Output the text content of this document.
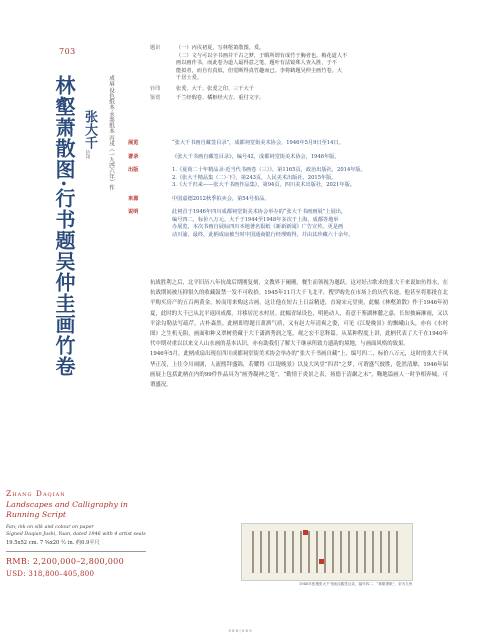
703
林壑萧散图·行书题吴仲圭画竹卷 张大千	成扇 设色纸本·水墨纸本 丙戌（一九四六年）作
钤印
题识	（一）丙戌初夏，写林壑萧散图。爰。
（二）文与可以字书画并千古之梦，于暇所谓有成竹于胸者也。梅花道人不
画以画作书，而此卷为道人最得意之笔，题叶有法镜殊人查入胜，于不
能拟者，而自有真似，但觉断得真竹趣而已。李将鹤题吴仲圭画竹卷。大
千居士爰。
钤印	张爰、大千、张爰之印、三千大千
鉴赏	千兰经瑕卷、橘枢经大吉、重付文字。
展览	“张大千书画自藏签目录”，成都祠堂街美术协会，1946年5月9日至14日。
著录	《张大千书画自藏签目录》，编号42，成都祠堂街美术协会，1946年版。
出版	1.《夏荷二十年精品录·近当代书画卷（三）》，第1165页，政治出版社，2014年版。
2.《张大千精品集（二）·下》，第243页，人民美术出版社，2015年版。
3.《大千归来——张大千书画作品集》，第94页，四川美术出版社，2021年版。
来源	中国嘉德2012秋季拍卖会，第54号拍品。
说明	此祠首于1946年四川成都祠堂街美术协会举办的“张大千书画画展”上展出，
编号四二，标价八万元。大千于1944至1948年多次于上海、成都等地举
办展览，本次书画自展标四川本地著名报纸《新新新闻》广告宣传。更是画
动川渝、最终，此柄成扇被当时中国通商银行经理购得，并由其珍藏六十余年。

抗战胜利之后，北平旧历八年抗战后期刚复刻，文教界于阑珊，餐生而领视为邀跃。这对好占歌求的张大千来说如鱼得水，在抗战期间被压抑很久的收藏鼓禁一发不可收拾。1945年11月大千飞北平，搜罗购先在市场上的历代名迹，他甚至将那批在北平购买房产的五百两黄金，转而用来购这古画。这让他在短古上日益精进，直窥宋元堂奥，此幅《林壑萧散》作于1946年初夏，此时的大千已从北平返回成都，并移居沱水村居。此幅青绿设色，明艳动人，着意于鉴湖林麓之嘉，长短披麻淋雨，又以平涂勾勒法写疏芹，古朴森然。此柄即得题日萧洒气质，又有赵大年清爽之姿，可见《江堤晚景》的飘峨山头，亦有《水村图》之生机无阻，画面和种又翠树傍藏于大千潇洒秀润之笔，观之宏不忍释篇。从某种程度上讲，此柄代表了大千在1940年代中期对重以以来文人山水画的基本认识，亦有助我们了解大千继承所致力遗韵的境地，与画面风格的致果。

1946年5月，此柄成扇出现在四川成都祠堂街美术协会举办的“张大千书画自藏”上，编号四二，标价八万元，这时的张大千风华正茂，上往令川闹剧，人流熙拜盛锦，若耀得《江堤晚景》以及大风堂“四君”之梦，可谓盛气彼胜，乾然清靡，1946年届画展上包括此柄在内的99件作品具为“画秀凝神之笔”，“勤情于炎景之表，扬德于清飙之末”，鞠地篇画人一时争相奔城，可谓盛况。

Zhang Daqian
Landscapes and Calligraphy in Running Script
Fan; ink on silk and colour on paper
Signed Daqian Jushi, Yuan, dated 1946 with 4 artist seals
19.5x52 cm. 7 ⅝x20 ½ in. 约0.9平尺
RMB: 2,200,000–2,800,000
USD: 318,800–405,800
1946年张墨张大千书画自藏签目录，编号四二，“林壑萧散”，宋为九州
0 8 8 | 0 8 9
